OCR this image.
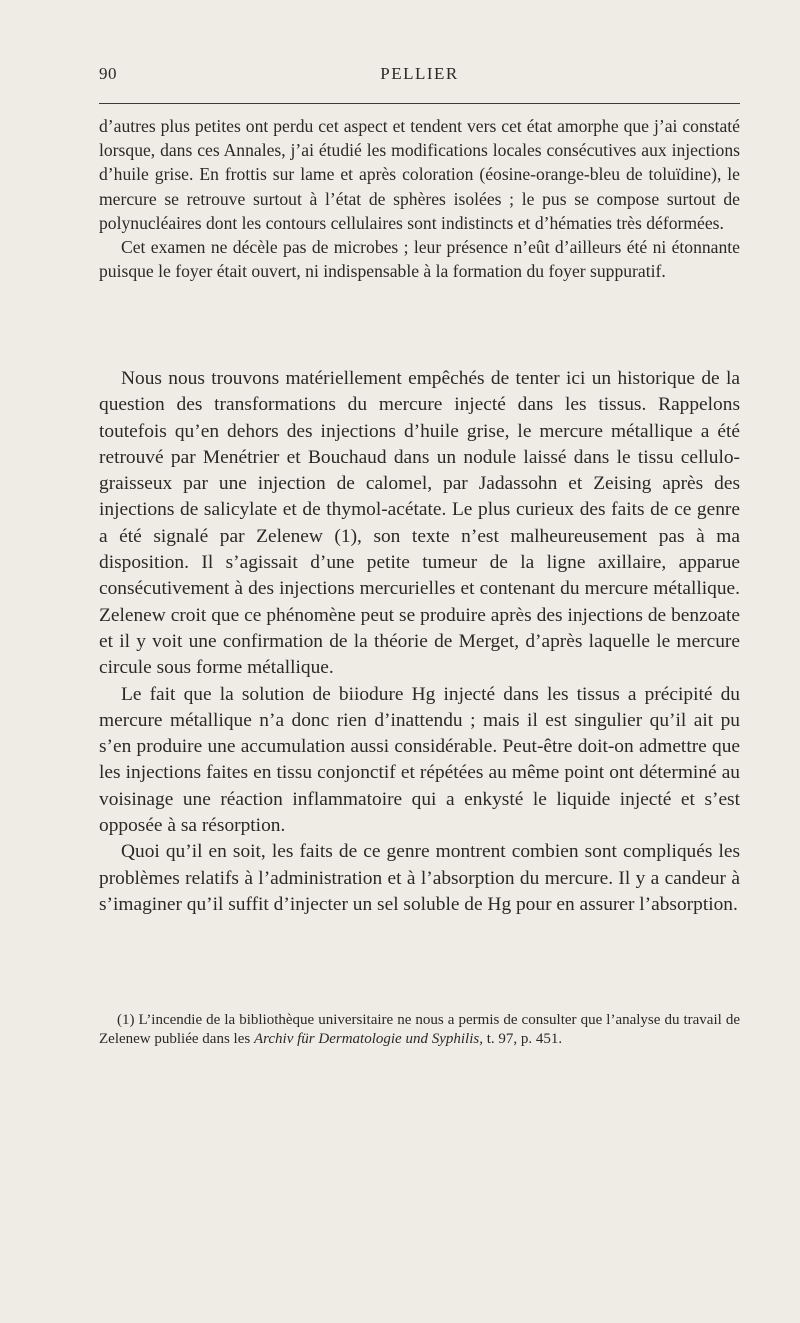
90	PELLIER

d’autres plus petites ont perdu cet aspect et tendent vers cet état amorphe que j’ai constaté lorsque, dans ces Annales, j’ai étudié les modifications locales consécutives aux injections d’huile grise. En frottis sur lame et après coloration (éosine-orange-bleu de toluïdine), le mercure se retrouve surtout à l’état de sphères isolées ; le pus se compose surtout de polynucléaires dont les contours cellulaires sont indistincts et d’hématies très déformées.

Cet examen ne décèle pas de microbes ; leur présence n’eût d’ailleurs été ni étonnante puisque le foyer était ouvert, ni indispensable à la formation du foyer suppuratif.

Nous nous trouvons matériellement empêchés de tenter ici un historique de la question des transformations du mercure injecté dans les tissus. Rappelons toutefois qu’en dehors des injections d’huile grise, le mercure métallique a été retrouvé par Menétrier et Bouchaud dans un nodule laissé dans le tissu cellulo-graisseux par une injection de calomel, par Jadassohn et Zeising après des injections de salicylate et de thymol-acétate. Le plus curieux des faits de ce genre a été signalé par Zelenew (1), son texte n’est malheureusement pas à ma disposition. Il s’agissait d’une petite tumeur de la ligne axillaire, apparue consécutivement à des injections mercurielles et contenant du mercure métallique. Zelenew croit que ce phénomène peut se produire après des injections de benzoate et il y voit une confirmation de la théorie de Merget, d’après laquelle le mercure circule sous forme métallique.

Le fait que la solution de biiodure Hg injecté dans les tissus a précipité du mercure métallique n’a donc rien d’inattendu ; mais il est singulier qu’il ait pu s’en produire une accumulation aussi considérable. Peut-être doit-on admettre que les injections faites en tissu conjonctif et répétées au même point ont déterminé au voisinage une réaction inflammatoire qui a enkysté le liquide injecté et s’est opposée à sa résorption.

Quoi qu’il en soit, les faits de ce genre montrent combien sont compliqués les problèmes relatifs à l’administration et à l’absorption du mercure. Il y a candeur à s’imaginer qu’il suffit d’injecter un sel soluble de Hg pour en assurer l’absorption.

(1) L’incendie de la bibliothèque universitaire ne nous a permis de consulter que l’analyse du travail de Zelenew publiée dans les Archiv für Dermatologie und Syphilis, t. 97, p. 451.
